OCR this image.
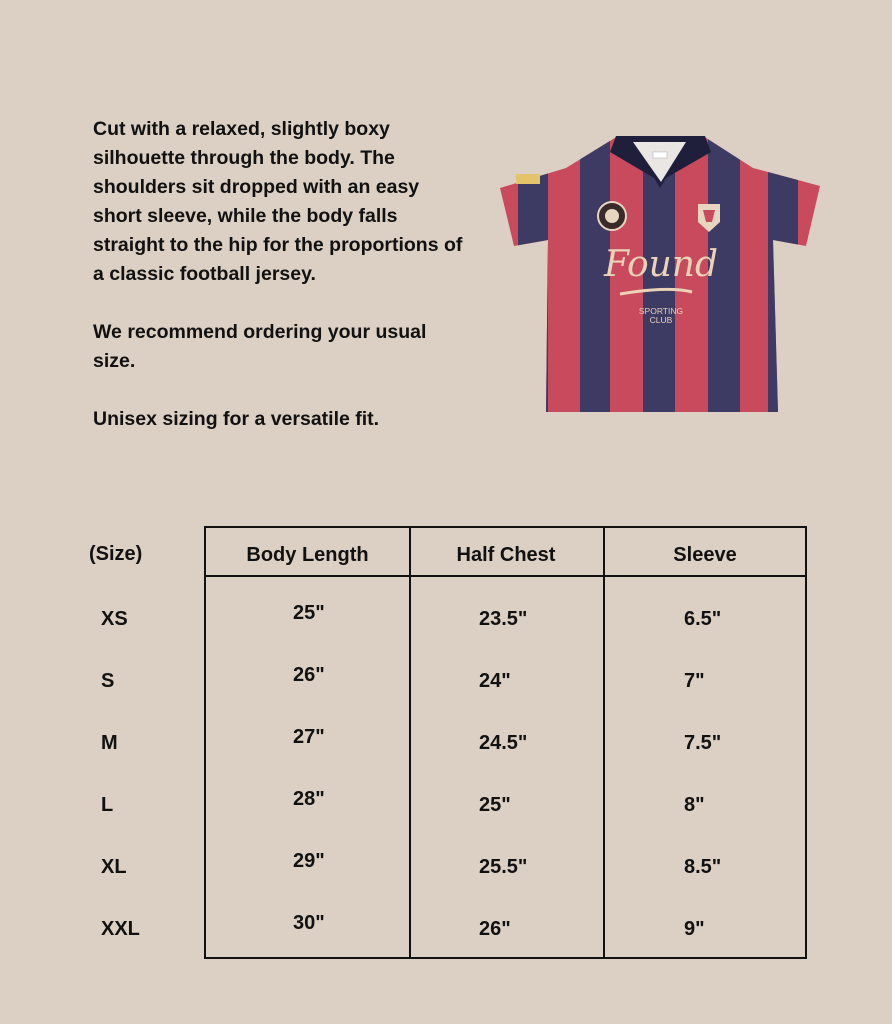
Cut with a relaxed, slightly boxy silhouette through the body. The shoulders sit dropped with an easy short sleeve, while the body falls straight to the hip for the proportions of a classic football jersey.

We recommend ordering your usual size.

Unisex sizing for a versatile fit.

Found
SPORTING
CLUB
(Size)	Body Length	Half Chest	Sleeve
XS	25"	23.5"	6.5"
S	26"	24"	7"
M	27"	24.5"	7.5"
L	28"	25"	8"
XL	29"	25.5"	8.5"
XXL	30"	26"	9"
